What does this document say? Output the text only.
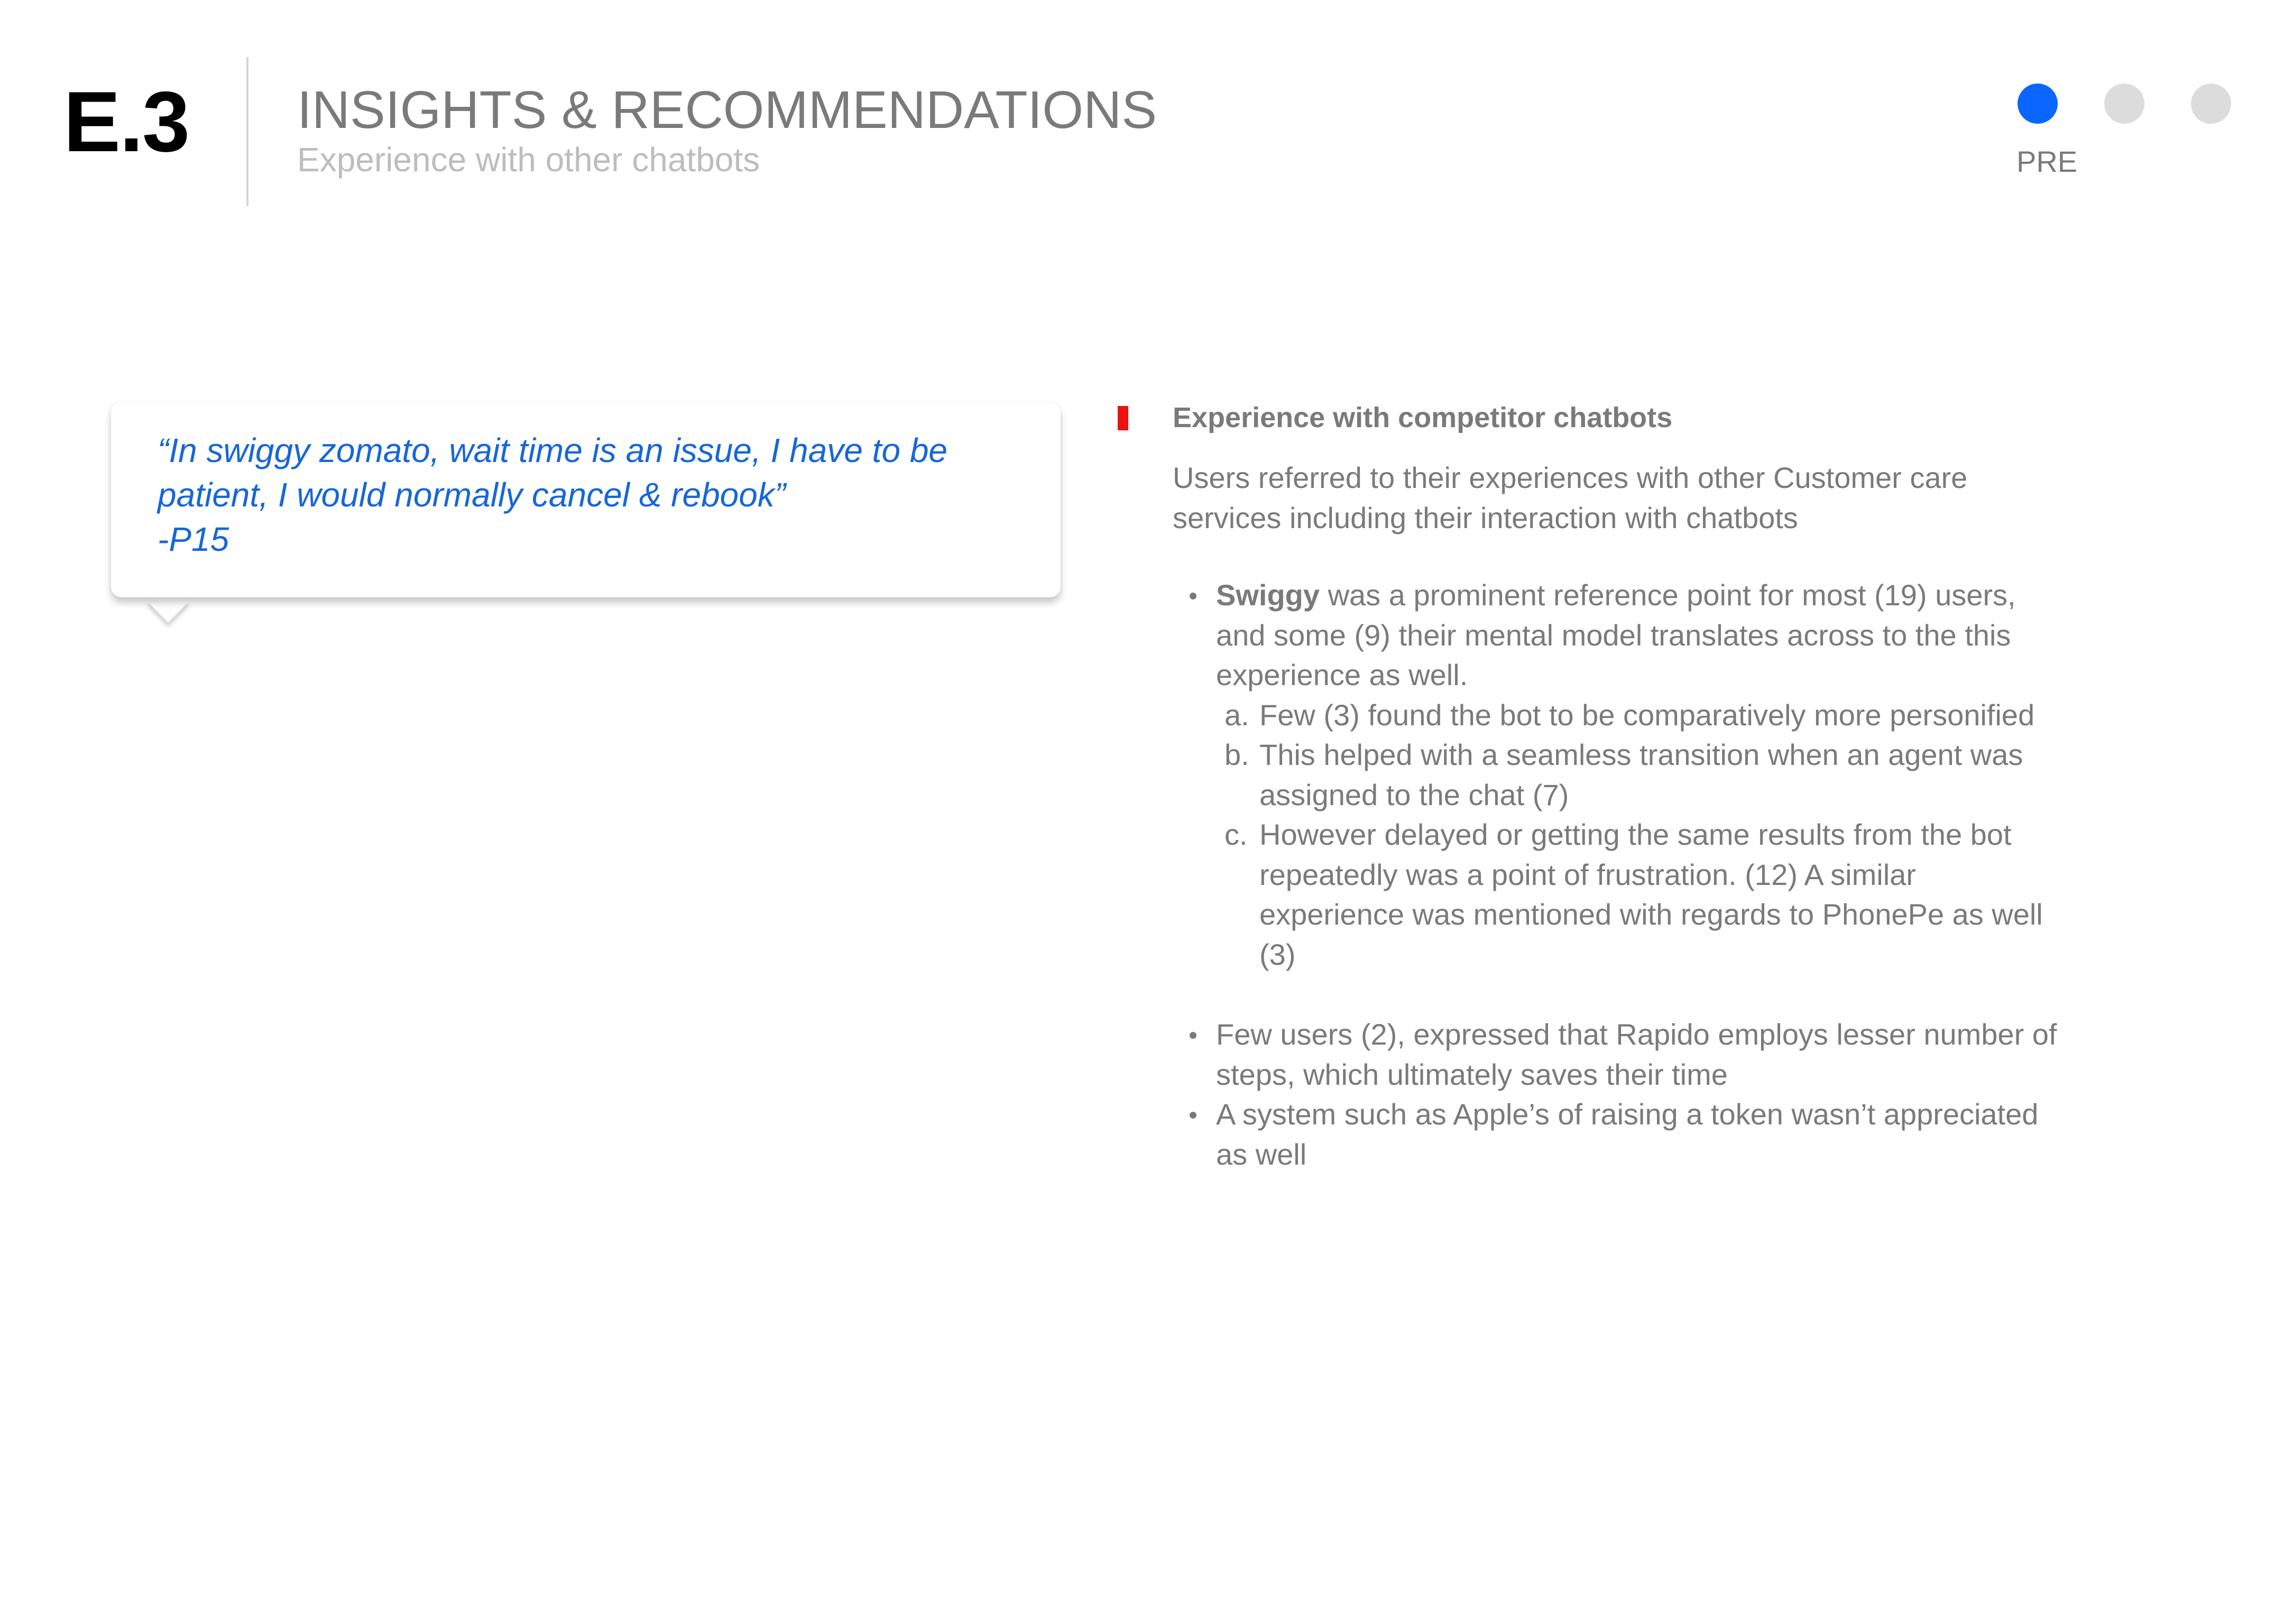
E.3 INSIGHTS & RECOMMENDATIONS
Experience with other chatbots	PRE
“In swiggy zomato, wait time is an issue, I have to be
patient, I would normally cancel & rebook”
-P15
Experience with competitor chatbots
Users referred to their experiences with other Customer care
services including their interaction with chatbots
Swiggy was a prominent reference point for most (19) users,
and some (9) their mental model translates across to the this
experience as well.
a. Few (3) found the bot to be comparatively more personified
b. This helped with a seamless transition when an agent was
assigned to the chat (7)
c. However delayed or getting the same results from the bot
repeatedly was a point of frustration. (12) A similar
experience was mentioned with regards to PhonePe as well
(3)
Few users (2), expressed that Rapido employs lesser number of
steps, which ultimately saves their time
A system such as Apple’s of raising a token wasn’t appreciated
as well
